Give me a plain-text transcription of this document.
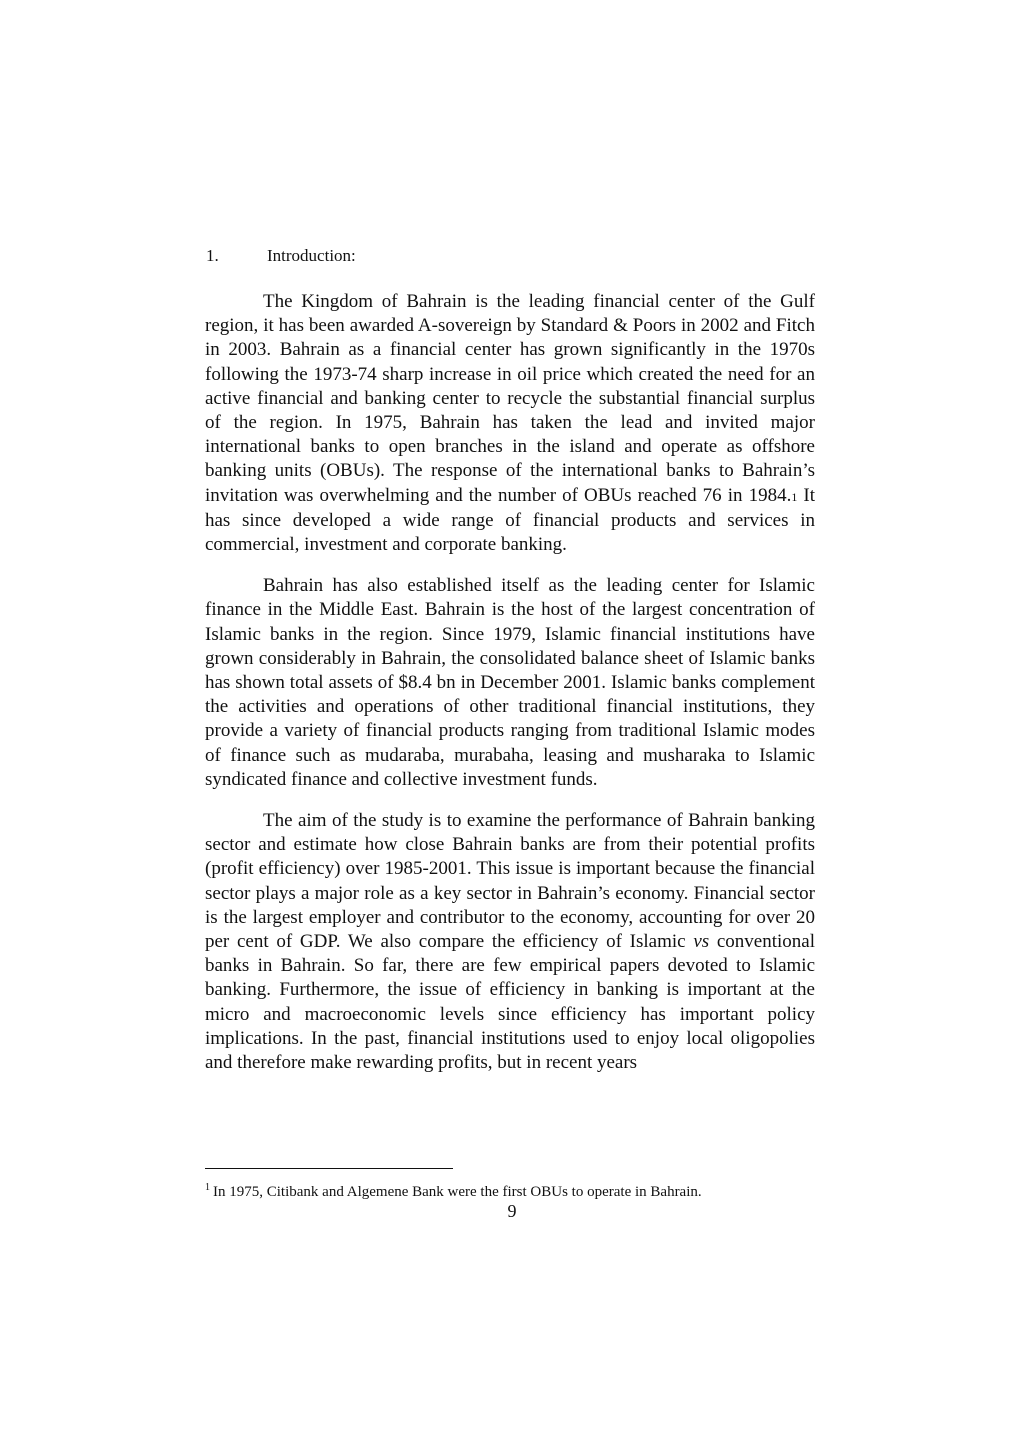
1.	Introduction:

The Kingdom of Bahrain is the leading financial center of the Gulf region, it has been awarded A-sovereign by Standard & Poors in 2002 and Fitch in 2003. Bahrain as a financial center has grown significantly in the 1970s following the 1973-74 sharp increase in oil price which created the need for an active financial and banking center to recycle the substantial financial surplus of the region. In 1975, Bahrain has taken the lead and invited major international banks to open branches in the island and operate as offshore banking units (OBUs). The response of the international banks to Bahrain’s invitation was overwhelming and the number of OBUs reached 76 in 1984.1 It has since developed a wide range of financial products and services in commercial, investment and corporate banking.

Bahrain has also established itself as the leading center for Islamic finance in the Middle East. Bahrain is the host of the largest concentration of Islamic banks in the region. Since 1979, Islamic financial institutions have grown considerably in Bahrain, the consolidated balance sheet of Islamic banks has shown total assets of $8.4 bn in December 2001. Islamic banks complement the activities and operations of other traditional financial institutions, they provide a variety of financial products ranging from traditional Islamic modes of finance such as mudaraba, murabaha, leasing and musharaka to Islamic syndicated finance and collective investment funds.

The aim of the study is to examine the performance of Bahrain banking sector and estimate how close Bahrain banks are from their potential profits (profit efficiency) over 1985-2001. This issue is important because the financial sector plays a major role as a key sector in Bahrain’s economy. Financial sector is the largest employer and contributor to the economy, accounting for over 20 per cent of GDP. We also compare the efficiency of Islamic vs conventional banks in Bahrain. So far, there are few empirical papers devoted to Islamic banking. Furthermore, the issue of efficiency in banking is important at the micro and macroeconomic levels since efficiency has important policy implications. In the past, financial institutions used to enjoy local oligopolies and therefore make rewarding profits, but in recent years

$^1$ In 1975, Citibank and Algemene Bank were the first OBUs to operate in Bahrain.
9
